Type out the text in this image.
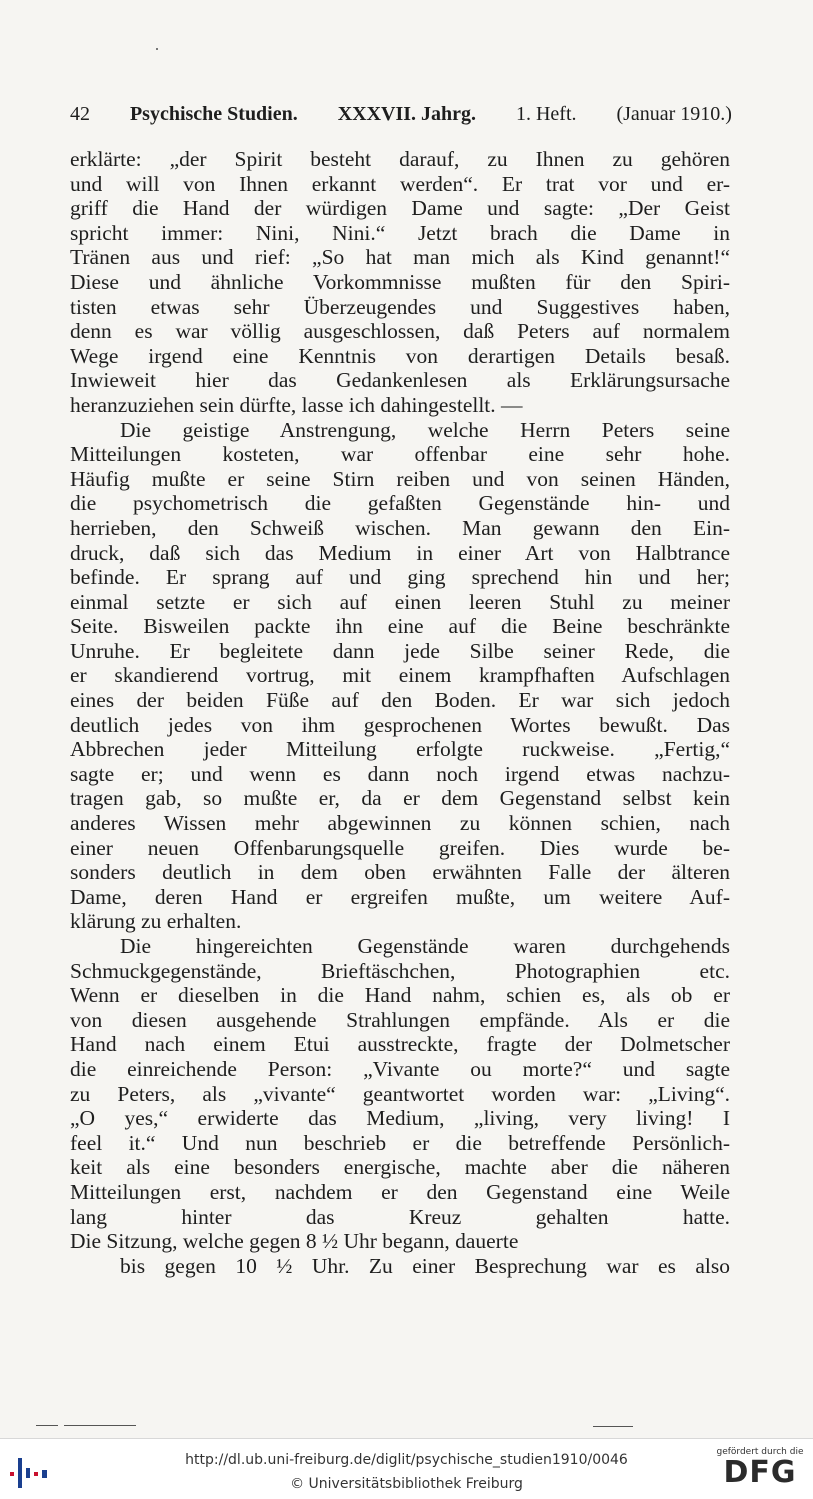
42 Psychische Studien. XXXVII. Jahrg. 1. Heft. (Januar 1910.)
erklärte: „der Spirit besteht darauf, zu Ihnen zu gehören
und will von Ihnen erkannt werden“. Er trat vor und er-
griff die Hand der würdigen Dame und sagte: „Der Geist
spricht immer: Nini, Nini.“ Jetzt brach die Dame in
Tränen aus und rief: „So hat man mich als Kind genannt!“
Diese und ähnliche Vorkommnisse mußten für den Spiri-
tisten etwas sehr Überzeugendes und Suggestives haben,
denn es war völlig ausgeschlossen, daß Peters auf normalem
Wege irgend eine Kenntnis von derartigen Details besaß.
Inwieweit hier das Gedankenlesen als Erklärungsursache
heranzuziehen sein dürfte, lasse ich dahingestellt. —
Die geistige Anstrengung, welche Herrn Peters seine
Mitteilungen kosteten, war offenbar eine sehr hohe.
Häufig mußte er seine Stirn reiben und von seinen Händen,
die psychometrisch die gefaßten Gegenstände hin- und
herrieben, den Schweiß wischen. Man gewann den Ein-
druck, daß sich das Medium in einer Art von Halbtrance
befinde. Er sprang auf und ging sprechend hin und her;
einmal setzte er sich auf einen leeren Stuhl zu meiner
Seite. Bisweilen packte ihn eine auf die Beine beschränkte
Unruhe. Er begleitete dann jede Silbe seiner Rede, die
er skandierend vortrug, mit einem krampfhaften Aufschlagen
eines der beiden Füße auf den Boden. Er war sich jedoch
deutlich jedes von ihm gesprochenen Wortes bewußt. Das
Abbrechen jeder Mitteilung erfolgte ruckweise. „Fertig,“
sagte er; und wenn es dann noch irgend etwas nachzu-
tragen gab, so mußte er, da er dem Gegenstand selbst kein
anderes Wissen mehr abgewinnen zu können schien, nach
einer neuen Offenbarungsquelle greifen. Dies wurde be-
sonders deutlich in dem oben erwähnten Falle der älteren
Dame, deren Hand er ergreifen mußte, um weitere Auf-
klärung zu erhalten.
Die hingereichten Gegenstände waren durchgehends
Schmuckgegenstände, Brieftäschchen, Photographien etc.
Wenn er dieselben in die Hand nahm, schien es, als ob er
von diesen ausgehende Strahlungen empfände. Als er die
Hand nach einem Etui ausstreckte, fragte der Dolmetscher
die einreichende Person: „Vivante ou morte?“ und sagte
zu Peters, als „vivante“ geantwortet worden war: „Living“.
„O yes,“ erwiderte das Medium, „living, very living! I
feel it.“ Und nun beschrieb er die betreffende Persönlich-
keit als eine besonders energische, machte aber die näheren
Mitteilungen erst, nachdem er den Gegenstand eine Weile
lang hinter das Kreuz gehalten hatte.
Die Sitzung, welche gegen 8 ½ Uhr begann, dauerte
bis gegen 10 ½ Uhr. Zu einer Besprechung war es also
http://dl.ub.uni-freiburg.de/diglit/psychische_studien1910/0046
© Universitätsbibliothek Freiburg
gefördert durch die
DFG
